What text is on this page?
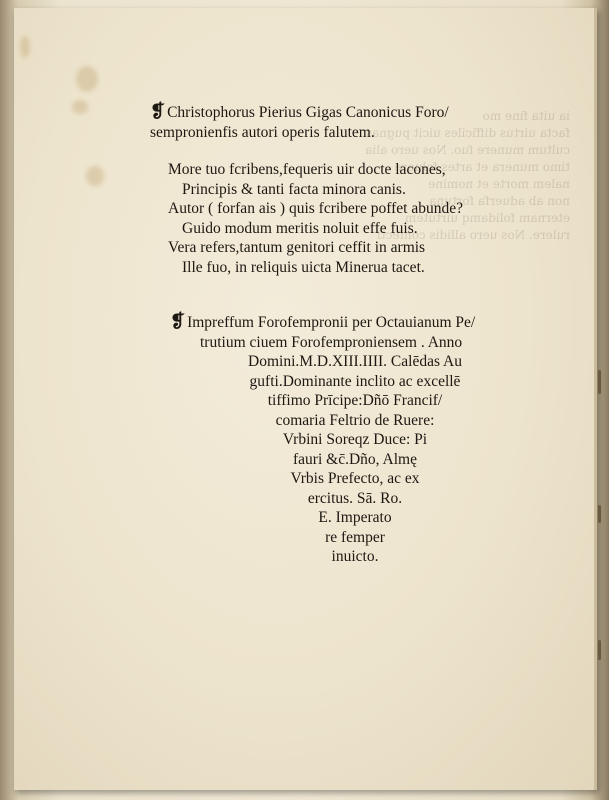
ia uita fine mo
facta uirtus difficiles uicit pugnas
cultum munere fuo. Nos uero alia
timo munera et artes foluere
nalem morte et nomine
non ab aduerfa fortuna
eternam folidamq uirtutem
rulere. Nos uero allidis confecti
❡ Christophorus Pierius Gigas Canonicus Foro/
sempronienfis autori operis falutem.
More tuo fcribens,fequeris uir docte lacones,
Principis & tanti facta minora canis.
Autor ( forfan ais ) quis fcribere poffet abunde?
Guido modum meritis noluit effe fuis.
Vera refers,tantum genitori ceffit in armis
Ille fuo, in reliquis uicta Minerua tacet.
❡ Impreffum Forofempronii per Octauianum Pe/
trutium ciuem Forofemproniensem . Anno
Domini.M.D.XIII.IIII. Calēdas Au
gufti.Dominante inclito ac excellē
tiffimo Prīcipe:Dñō Francif/
comaria Feltrio de Ruere:
Vrbini Soreqz Duce: Pi
fauri &c̄.Dño, Almę
Vrbis Prefecto, ac ex
ercitus. Sā. Ro.
E. Imperato
re femper
inuicto.
